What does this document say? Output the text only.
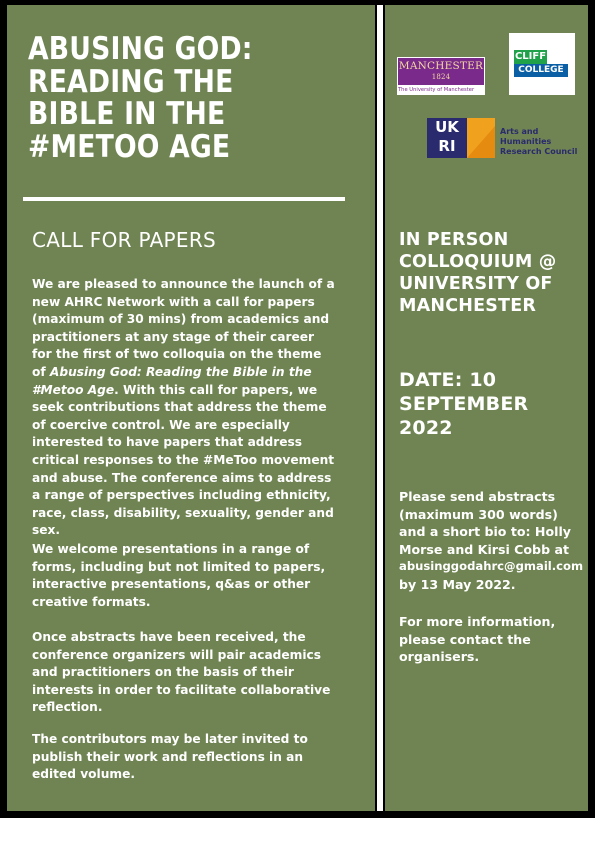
ABUSING GOD:
READING THE
BIBLE IN THE
#METOO AGE
CALL FOR PAPERS

We are pleased to announce the launch of a new AHRC Network with a call for papers (maximum of 30 mins) from academics and practitioners at any stage of their career for the first of two colloquia on the theme of Abusing God: Reading the Bible in the #Metoo Age. With this call for papers, we seek contributions that address the theme of coercive control. We are especially interested to have papers that address critical responses to the #MeToo movement and abuse. The conference aims to address a range of perspectives including ethnicity, race, class, disability, sexuality, gender and sex.

We welcome presentations in a range of forms, including but not limited to papers, interactive presentations, q&as or other creative formats.
Once abstracts have been received, the conference organizers will pair academics and practitioners on the basis of their interests in order to facilitate collaborative reflection.
The contributors may be later invited to publish their work and reflections in an edited volume.
MANCHESTER
1824
The University of Manchester
CLIFF
COLLEGE
UK RI
Arts and
Humanities
Research Council
IN PERSON
COLLOQUIUM @
UNIVERSITY OF
MANCHESTER
DATE: 10
SEPTEMBER 2022
Please send abstracts (maximum 300 words) and a short bio to: Holly Morse and Kirsi Cobb at
abusinggodahrc@gmail.com
by 13 May 2022.
For more information, please contact the organisers.
